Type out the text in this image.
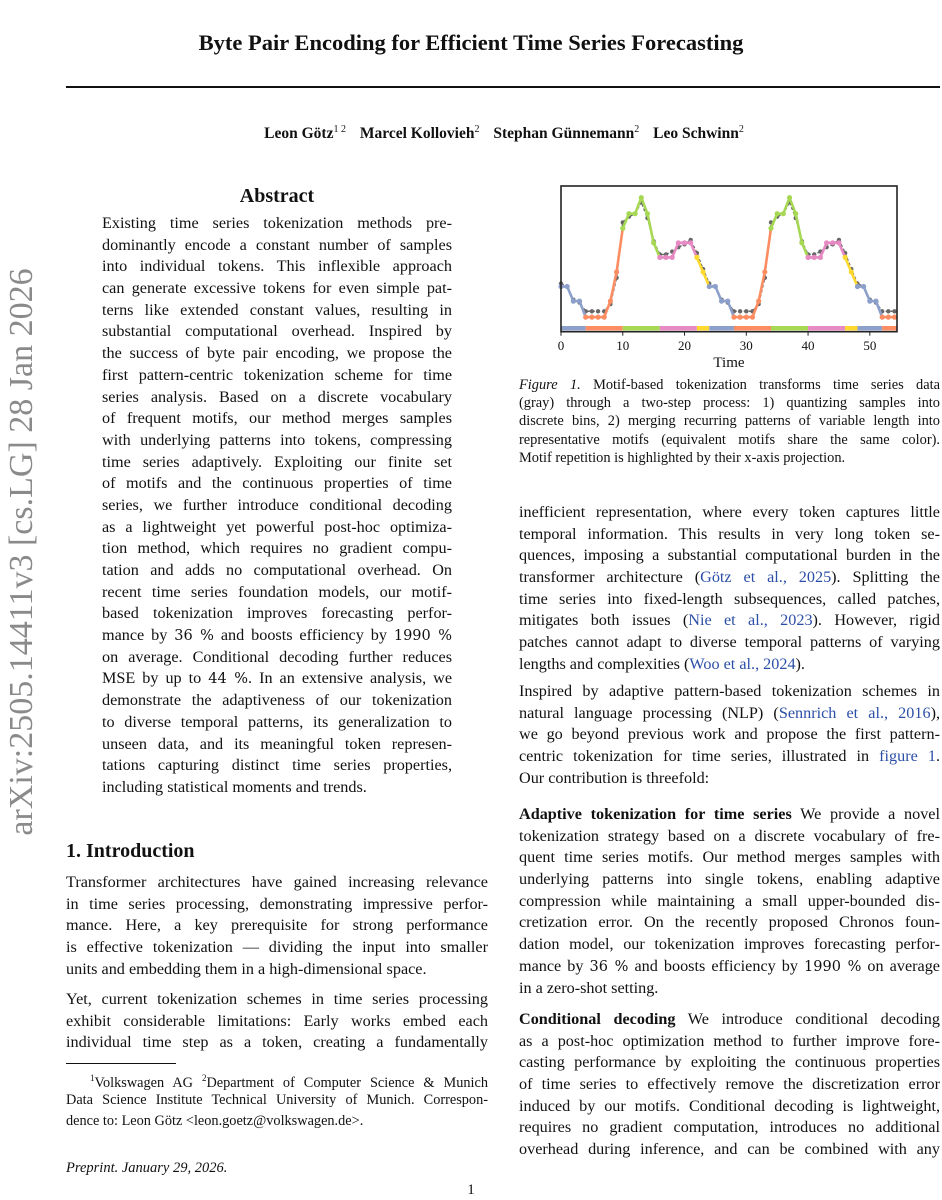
arXiv:2505.14411v3 [cs.LG] 28 Jan 2026
Byte Pair Encoding for Efficient Time Series Forecasting
Leon Götz$^{1 2}$ Marcel Kollovieh$^2$ Stephan Günnemann$^2$ Leo Schwinn$^2$
Abstract
Existing time series tokenization methods pre-
dominantly encode a constant number of samples
into individual tokens. This inflexible approach
can generate excessive tokens for even simple pat-
terns like extended constant values, resulting in
substantial computational overhead. Inspired by
the success of byte pair encoding, we propose the
first pattern-centric tokenization scheme for time
series analysis. Based on a discrete vocabulary
of frequent motifs, our method merges samples
with underlying patterns into tokens, compressing
time series adaptively. Exploiting our finite set
of motifs and the continuous properties of time
series, we further introduce conditional decoding
as a lightweight yet powerful post-hoc optimiza-
tion method, which requires no gradient compu-
tation and adds no computational overhead. On
recent time series foundation models, our motif-
based tokenization improves forecasting perfor-
mance by 36 % and boosts efficiency by 1990 %
on average. Conditional decoding further reduces
MSE by up to 44 %. In an extensive analysis, we
demonstrate the adaptiveness of our tokenization
to diverse temporal patterns, its generalization to
unseen data, and its meaningful token represen-
tations capturing distinct time series properties,
including statistical moments and trends.
1. Introduction
Transformer architectures have gained increasing relevance
in time series processing, demonstrating impressive perfor-
mance. Here, a key prerequisite for strong performance
is effective tokenization — dividing the input into smaller
units and embedding them in a high-dimensional space.
Yet, current tokenization schemes in time series processing
exhibit considerable limitations: Early works embed each
individual time step as a token, creating a fundamentally
$^1$Volkswagen AG $^2$Department of Computer Science & Munich
Data Science Institute Technical University of Munich. Correspon-
dence to: Leon Götz <leon.goetz@volkswagen.de>.
Preprint. January 29, 2026.
1
0	10	20	30	40	50
Time
Figure 1. Motif-based tokenization transforms time series data
(gray) through a two-step process: 1) quantizing samples into
discrete bins, 2) merging recurring patterns of variable length into
representative motifs (equivalent motifs share the same color).
Motif repetition is highlighted by their x-axis projection.
inefficient representation, where every token captures little
temporal information. This results in very long token se-
quences, imposing a substantial computational burden in the
transformer architecture (Götz et al., 2025). Splitting the
time series into fixed-length subsequences, called patches,
mitigates both issues (Nie et al., 2023). However, rigid
patches cannot adapt to diverse temporal patterns of varying
lengths and complexities (Woo et al., 2024).
Inspired by adaptive pattern-based tokenization schemes in
natural language processing (NLP) (Sennrich et al., 2016),
we go beyond previous work and propose the first pattern-
centric tokenization for time series, illustrated in figure 1.
Our contribution is threefold:
Adaptive tokenization for time series We provide a novel
tokenization strategy based on a discrete vocabulary of fre-
quent time series motifs. Our method merges samples with
underlying patterns into single tokens, enabling adaptive
compression while maintaining a small upper-bounded dis-
cretization error. On the recently proposed Chronos foun-
dation model, our tokenization improves forecasting perfor-
mance by 36 % and boosts efficiency by 1990 % on average
in a zero-shot setting.
Conditional decoding We introduce conditional decoding
as a post-hoc optimization method to further improve fore-
casting performance by exploiting the continuous properties
of time series to effectively remove the discretization error
induced by our motifs. Conditional decoding is lightweight,
requires no gradient computation, introduces no additional
overhead during inference, and can be combined with any
